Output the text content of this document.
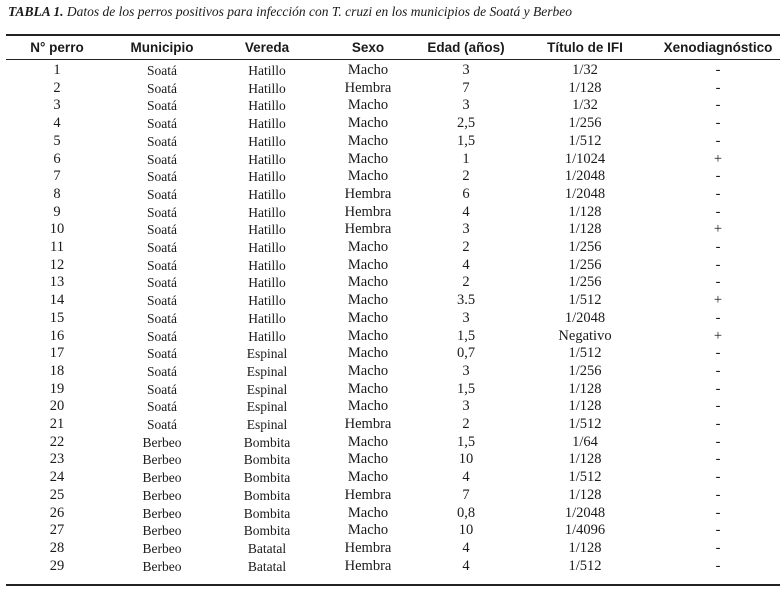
TABLA 1. Datos de los perros positivos para infección con T. cruzi en los municipios de Soatá y Berbeo
N° perro	Municipio	Vereda	Sexo	Edad (años)	Título de IFI	Xenodiagnóstico
1	Soatá	Hatillo	Macho	3	1/32	-
2	Soatá	Hatillo	Hembra	7	1/128	-
3	Soatá	Hatillo	Macho	3	1/32	-
4	Soatá	Hatillo	Macho	2,5	1/256	-
5	Soatá	Hatillo	Macho	1,5	1/512	-
6	Soatá	Hatillo	Macho	1	1/1024	+
7	Soatá	Hatillo	Macho	2	1/2048	-
8	Soatá	Hatillo	Hembra	6	1/2048	-
9	Soatá	Hatillo	Hembra	4	1/128	-
10	Soatá	Hatillo	Hembra	3	1/128	+
11	Soatá	Hatillo	Macho	2	1/256	-
12	Soatá	Hatillo	Macho	4	1/256	-
13	Soatá	Hatillo	Macho	2	1/256	-
14	Soatá	Hatillo	Macho	3.5	1/512	+
15	Soatá	Hatillo	Macho	3	1/2048	-
16	Soatá	Hatillo	Macho	1,5	Negativo	+
17	Soatá	Espinal	Macho	0,7	1/512	-
18	Soatá	Espinal	Macho	3	1/256	-
19	Soatá	Espinal	Macho	1,5	1/128	-
20	Soatá	Espinal	Macho	3	1/128	-
21	Soatá	Espinal	Hembra	2	1/512	-
22	Berbeo	Bombita	Macho	1,5	1/64	-
23	Berbeo	Bombita	Macho	10	1/128	-
24	Berbeo	Bombita	Macho	4	1/512	-
25	Berbeo	Bombita	Hembra	7	1/128	-
26	Berbeo	Bombita	Macho	0,8	1/2048	-
27	Berbeo	Bombita	Macho	10	1/4096	-
28	Berbeo	Batatal	Hembra	4	1/128	-
29	Berbeo	Batatal	Hembra	4	1/512	-
